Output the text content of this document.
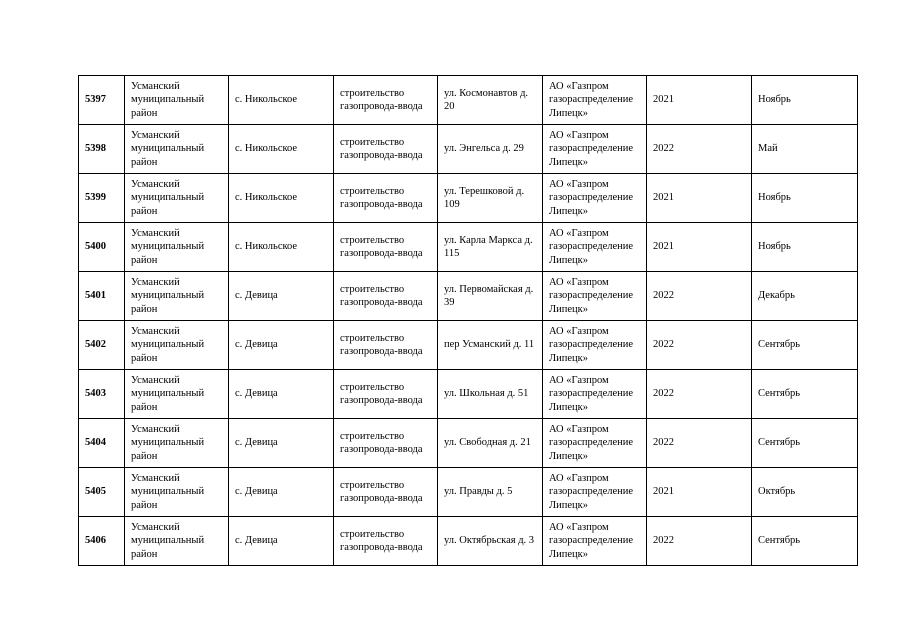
5397	Усманский муниципальный район	с. Никольское	строительство газопровода-ввода	ул. Космонавтов д. 20	АО «Газпром газораспределение Липецк»	2021	Ноябрь
5398	Усманский муниципальный район	с. Никольское	строительство газопровода-ввода	ул. Энгельса д. 29	АО «Газпром газораспределение Липецк»	2022	Май
5399	Усманский муниципальный район	с. Никольское	строительство газопровода-ввода	ул. Терешковой д. 109	АО «Газпром газораспределение Липецк»	2021	Ноябрь
5400	Усманский муниципальный район	с. Никольское	строительство газопровода-ввода	ул. Карла Маркса д. 115	АО «Газпром газораспределение Липецк»	2021	Ноябрь
5401	Усманский муниципальный район	с. Девица	строительство газопровода-ввода	ул. Первомайская д. 39	АО «Газпром газораспределение Липецк»	2022	Декабрь
5402	Усманский муниципальный район	с. Девица	строительство газопровода-ввода	пер Усманский д. 11	АО «Газпром газораспределение Липецк»	2022	Сентябрь
5403	Усманский муниципальный район	с. Девица	строительство газопровода-ввода	ул. Школьная д. 51	АО «Газпром газораспределение Липецк»	2022	Сентябрь
5404	Усманский муниципальный район	с. Девица	строительство газопровода-ввода	ул. Свободная д. 21	АО «Газпром газораспределение Липецк»	2022	Сентябрь
5405	Усманский муниципальный район	с. Девица	строительство газопровода-ввода	ул. Правды д. 5	АО «Газпром газораспределение Липецк»	2021	Октябрь
5406	Усманский муниципальный район	с. Девица	строительство газопровода-ввода	ул. Октябрьская д. 3	АО «Газпром газораспределение Липецк»	2022	Сентябрь
